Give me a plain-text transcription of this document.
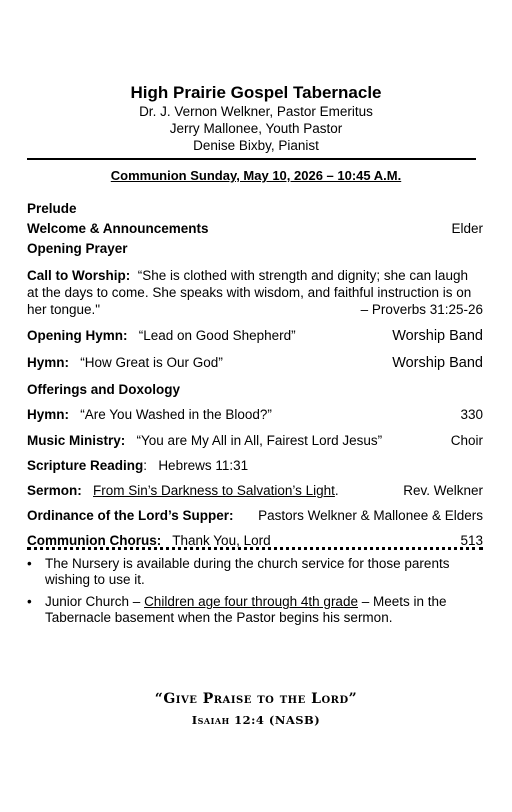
High Prairie Gospel Tabernacle
Dr. J. Vernon Welkner, Pastor Emeritus
Jerry Mallonee, Youth Pastor
Denise Bixby, Pianist
Communion Sunday, May 10, 2026 – 10:45 A.M.
Prelude
Welcome & Announcements	Elder
Opening Prayer
Call to Worship: “She is clothed with strength and dignity; she can laugh
at the days to come. She speaks with wisdom, and faithful instruction is on
her tongue."	– Proverbs 31:25-26
Opening Hymn: “Lead on Good Shepherd”	Worship Band
Hymn: “How Great is Our God”	Worship Band
Offerings and Doxology
Hymn: “Are You Washed in the Blood?”	330
Music Ministry: “You are My All in All, Fairest Lord Jesus”	Choir
Scripture Reading: Hebrews 11:31
Sermon: From Sin’s Darkness to Salvation’s Light.	Rev. Welkner
Ordinance of the Lord’s Supper: Pastors Welkner & Mallonee & Elders
Communion Chorus: Thank You, Lord	513
• The Nursery is available during the church service for those parents wishing to use it.
• Junior Church – Children age four through 4th grade – Meets in the Tabernacle basement when the Pastor begins his sermon.
“Give Praise to the Lord”
Isaiah 12:4 (NASB)
